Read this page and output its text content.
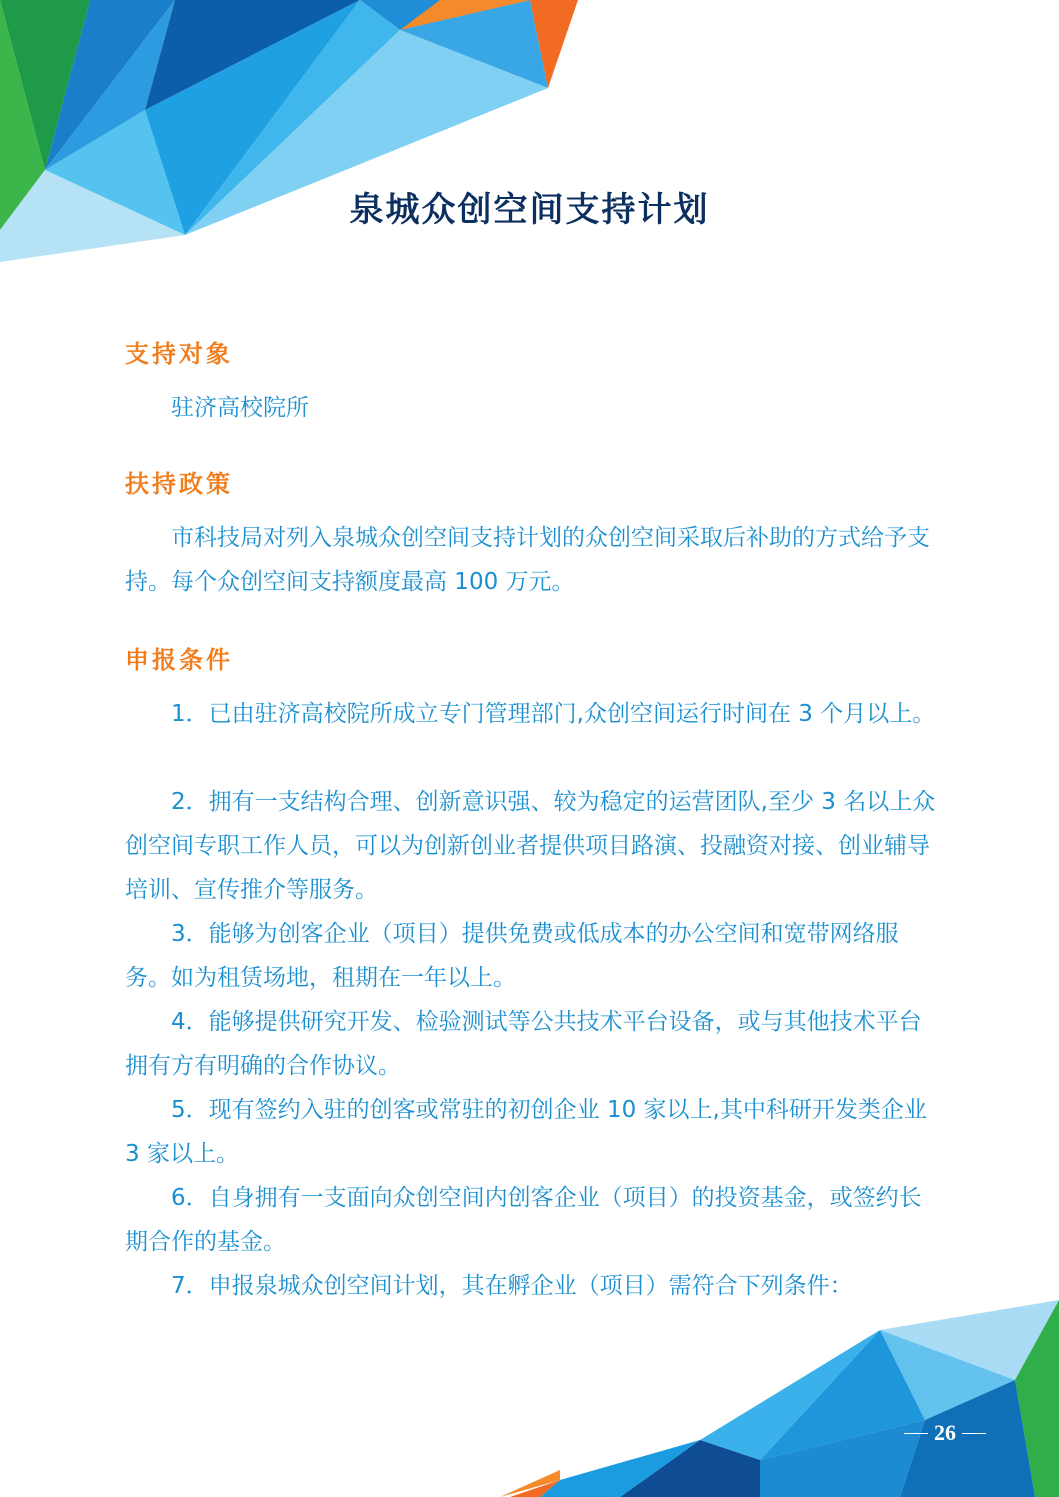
泉城众创空间支持计划
支持对象

驻济高校院所

扶持政策

市科技局对列入泉城众创空间支持计划的众创空间采取后补助的方式给予支持。每个众创空间支持额度最高 100 万元。

申报条件

1．已由驻济高校院所成立专门管理部门,众创空间运行时间在 3 个月以上。

2．拥有一支结构合理、创新意识强、较为稳定的运营团队,至少 3 名以上众创空间专职工作人员，可以为创新创业者提供项目路演、投融资对接、创业辅导培训、宣传推介等服务。

3．能够为创客企业（项目）提供免费或低成本的办公空间和宽带网络服务。如为租赁场地，租期在一年以上。

4．能够提供研究开发、检验测试等公共技术平台设备，或与其他技术平台拥有方有明确的合作协议。

5．现有签约入驻的创客或常驻的初创企业 10 家以上,其中科研开发类企业 3 家以上。

6．自身拥有一支面向众创空间内创客企业（项目）的投资基金，或签约长期合作的基金。

7．申报泉城众创空间计划，其在孵企业（项目）需符合下列条件：

26
